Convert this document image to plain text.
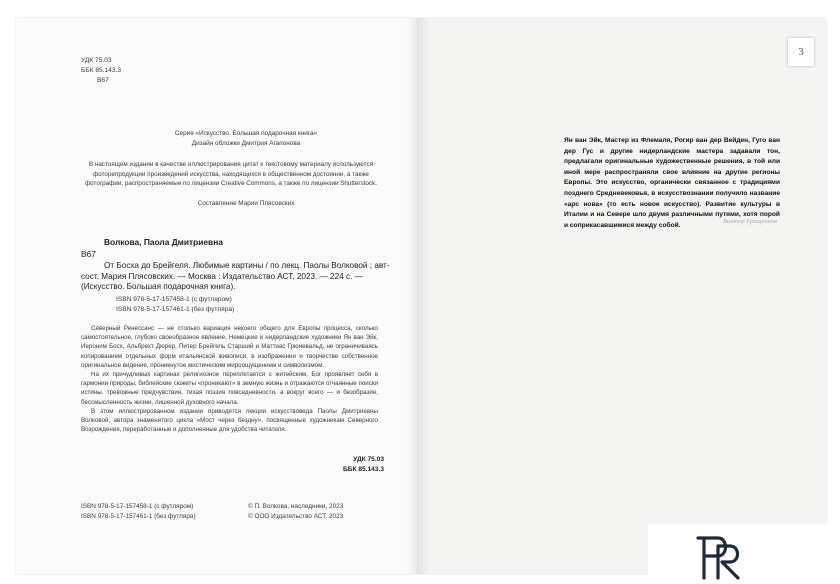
УДК 75.03
ББК 85.143.3
В67
Серия «Искусство. Большая подарочная книга»
Дизайн обложки Дмитрия Агапонова
В настоящем издании в качестве иллюстрирования цитат к текстовому материалу используются фоторепродукции произведений искусства, находящихся в общественном достоянии, а также фотографии, распространяемые по лицензии Creative Commons, а также по лицензии Shutterstock.
Составление Марии Плясовских
Волкова, Паола Дмитриевна
В67
От Босха до Брейгеля. Любимые картины / по лекц. Паолы Волковой ; авт-сост. Мария Плясовских. — Москва : Издательство АСТ, 2023. — 224 с. — (Искусство. Большая подарочная книга).
ISBN 978-5-17-157458-1 (с футляром)
ISBN 978-5-17-157461-1 (без футляра)

Северный Ренессанс — не столько вариация некоего общего для Европы процесса, сколько самостоятельное, глубоко своеобразное явление. Немецкие и нидерландские художники Ян ван Эйк, Иероним Босх, Альбрехт Дюрер, Питер Брейгель Старший и Маттиас Грюневальд, не ограничиваясь копированием отдельных форм итальянской живописи, в изображении и творчестве собственное оригинальное видение, проникнутое мистическим мироощущением и символизмом.

На их причудливых картинах религиозное переплетается с житейским, Бог проявляет себя в гармонии природы, библейские сюжеты «проникают» в земную жизнь и отражаются отчаянные поиски истины, тревожные предчувствия, тихая поэзия повседневности, а вокруг всего — и безобразие, бессмысленность жизни, лишенной духовного начала.

В этом иллюстрированном издании приводятся лекции искусствоведа Паолы Дмитриевны Волковой, автора знаменитого цикла «Мост через бездну», посвященные художникам Северного Возрождения, переработанные и дополненные для удобства читателя.

УДК 75.03
ББК 85.143.3
ISBN 978-5-17-157458-1 (с футляром)
ISBN 978-5-17-157461-1 (без футляра)
© П. Волкова, наследники, 2023
© ООО Издательство АСТ, 2023
3
Ян ван Эйк, Мастер из Флемаля, Рогир ван дер Вейден, Гуго ван дер Гус и другие нидерландские мастера задавали тон, предлагали оригинальные художественные решения, в той или иной мере распространяли свое влияние на другие регионы Европы. Это искусство, органически связанное с традициями позднего Средневековья, в искусствознании получило название «арс нова» (то есть новое искусство). Развитие культуры в Италии и на Севере шло двумя различными путями, хотя порой и соприкасавшимися между собой.
Виктор Гращенков
